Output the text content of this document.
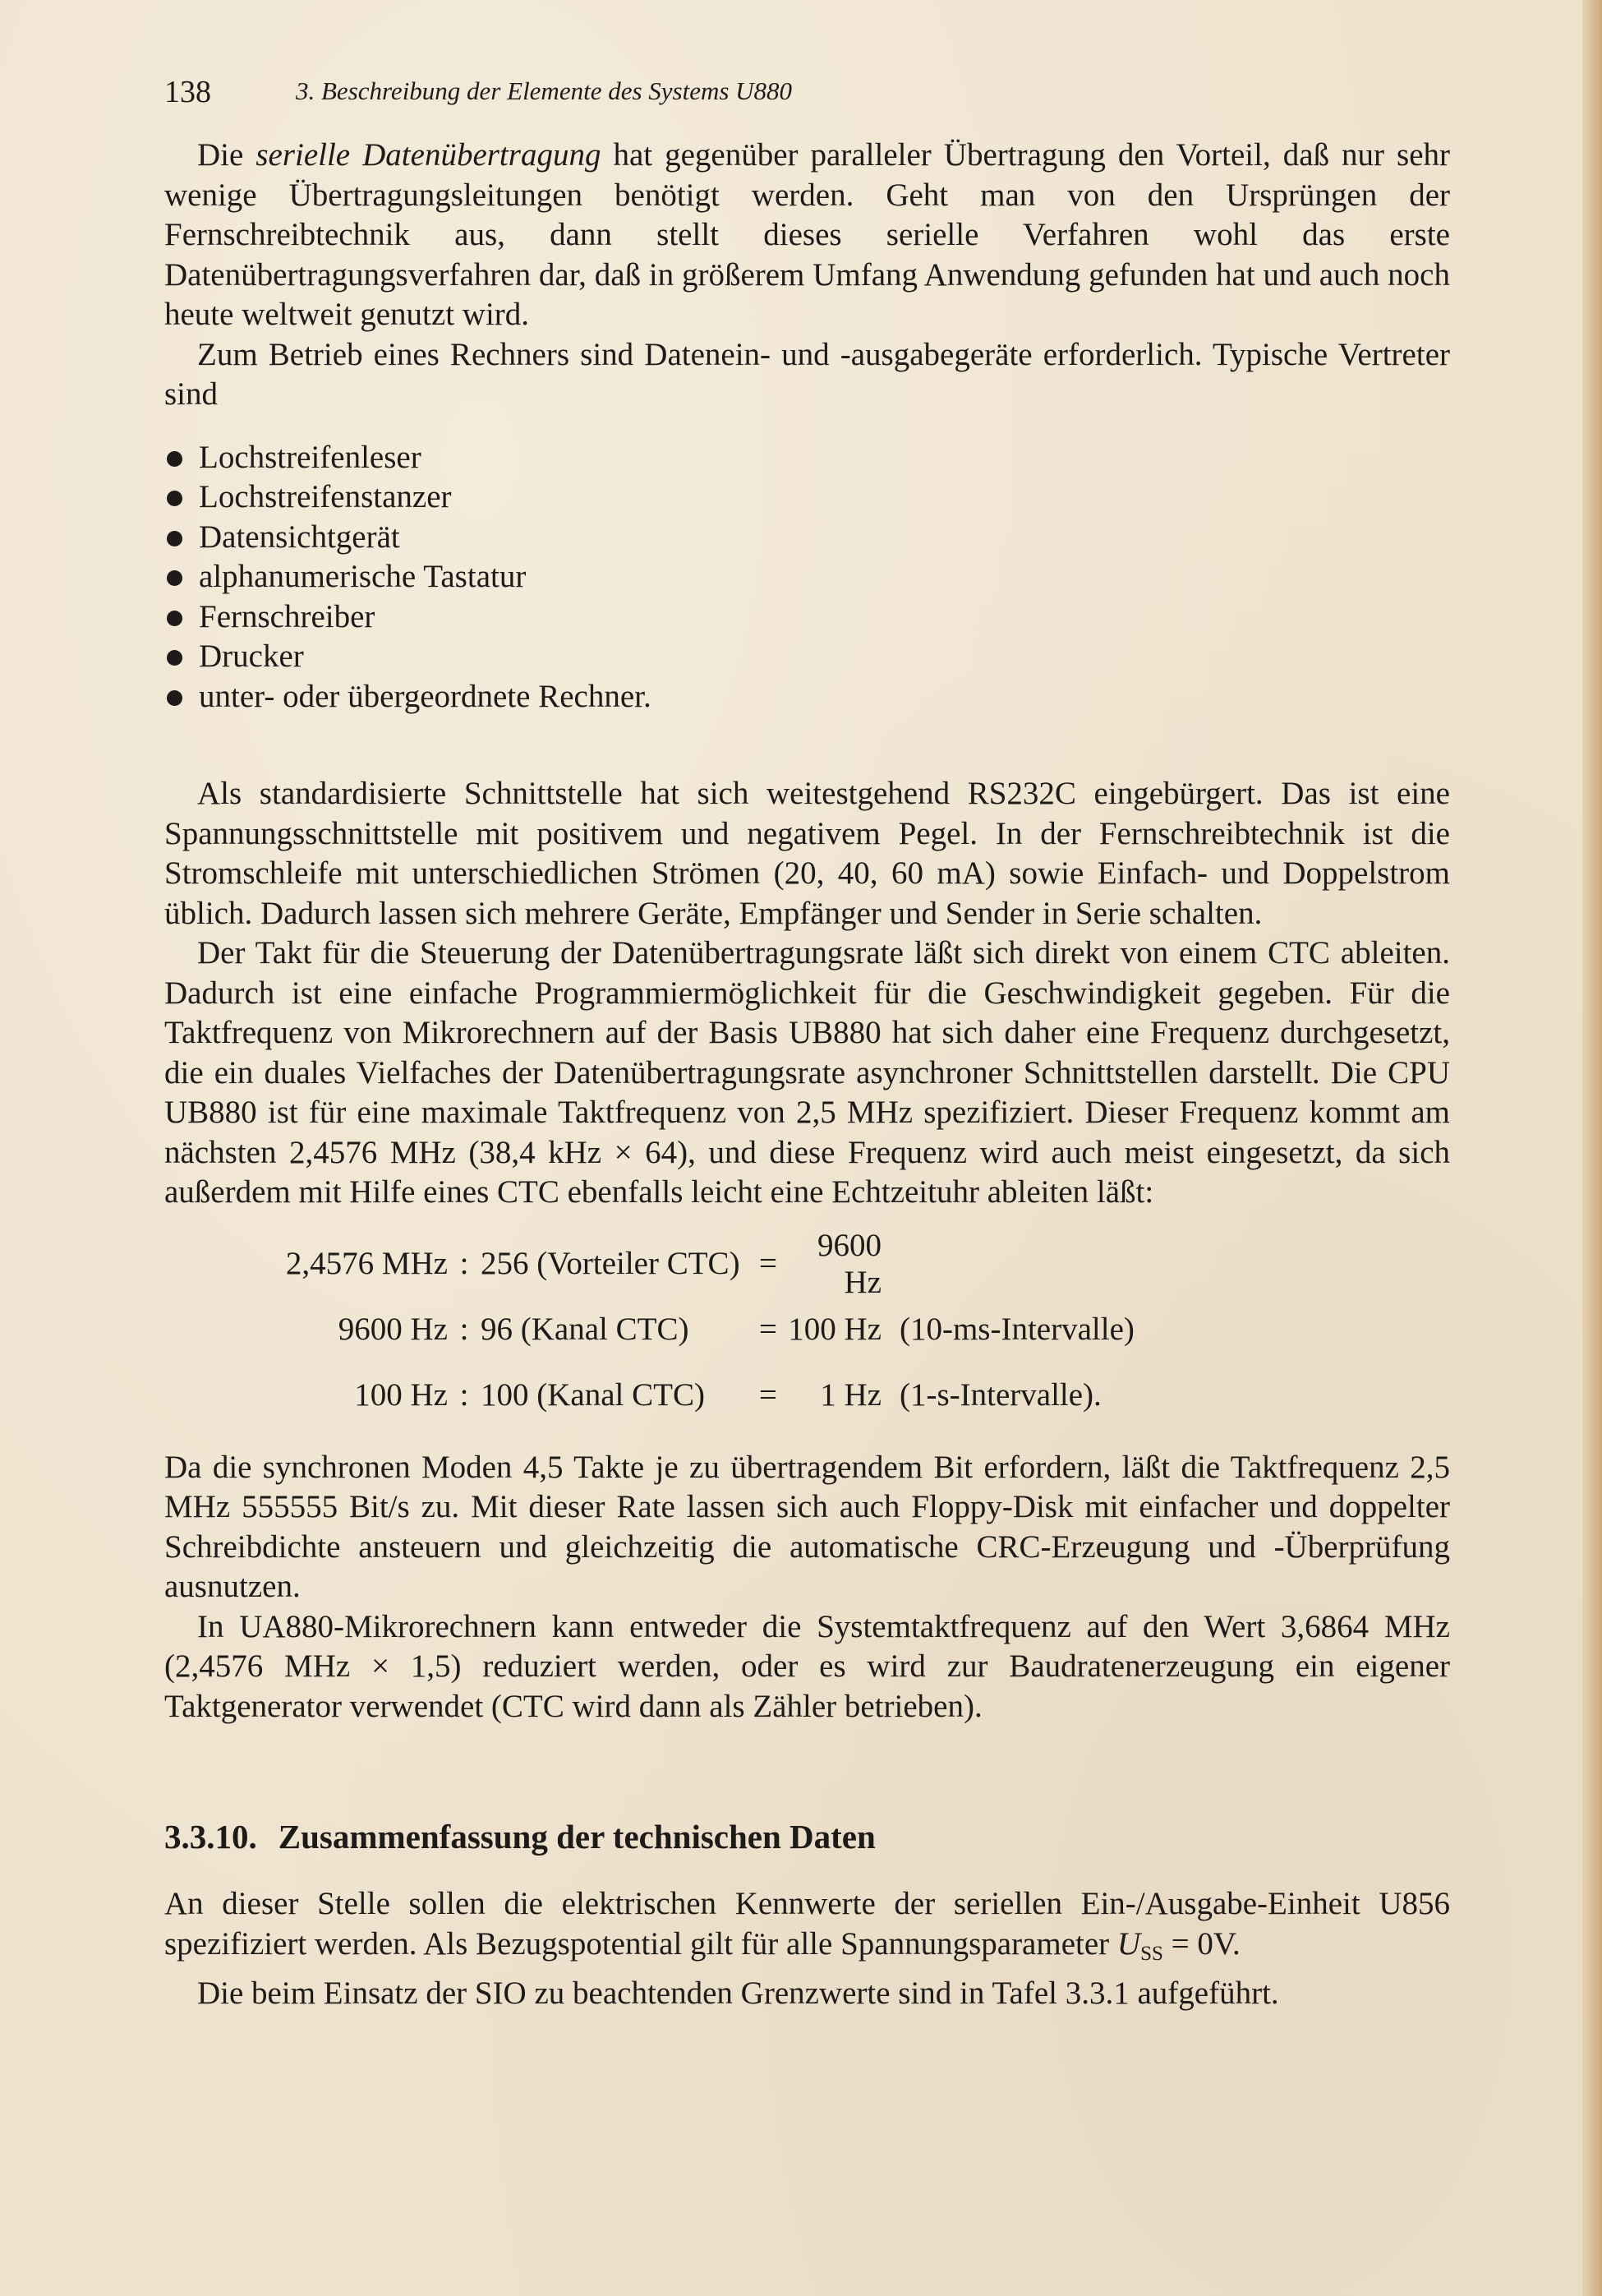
138	3. Beschreibung der Elemente des Systems U880

Die serielle Datenübertragung hat gegenüber paralleler Übertragung den Vorteil, daß nur sehr wenige Übertragungsleitungen benötigt werden. Geht man von den Ursprüngen der Fernschreibtechnik aus, dann stellt dieses serielle Verfahren wohl das erste Datenübertragungsverfahren dar, daß in größerem Umfang Anwendung gefunden hat und auch noch heute weltweit genutzt wird.

Zum Betrieb eines Rechners sind Datenein- und -ausgabegeräte erforderlich. Typische Vertreter sind

Lochstreifenleser
Lochstreifenstanzer
Datensichtgerät
alphanumerische Tastatur
Fernschreiber
Drucker
unter- oder übergeordnete Rechner.

Als standardisierte Schnittstelle hat sich weitestgehend RS232C eingebürgert. Das ist eine Spannungsschnittstelle mit positivem und negativem Pegel. In der Fernschreibtechnik ist die Stromschleife mit unterschiedlichen Strömen (20, 40, 60 mA) sowie Einfach- und Doppelstrom üblich. Dadurch lassen sich mehrere Geräte, Empfänger und Sender in Serie schalten.

Der Takt für die Steuerung der Datenübertragungsrate läßt sich direkt von einem CTC ableiten. Dadurch ist eine einfache Programmiermöglichkeit für die Geschwindigkeit gegeben. Für die Taktfrequenz von Mikrorechnern auf der Basis UB880 hat sich daher eine Frequenz durchgesetzt, die ein duales Vielfaches der Datenübertragungsrate asynchroner Schnittstellen darstellt. Die CPU UB880 ist für eine maximale Taktfrequenz von 2,5 MHz spezifiziert. Dieser Frequenz kommt am nächsten 2,4576 MHz (38,4 kHz × 64), und diese Frequenz wird auch meist eingesetzt, da sich außerdem mit Hilfe eines CTC ebenfalls leicht eine Echtzeituhr ableiten läßt:

2,4576 MHz : 256 (Vorteiler CTC) =
9600 Hz
9600 Hz : 96 (Kanal CTC)	= 100 Hz (10-ms-Intervalle)
100 Hz : 100 (Kanal CTC)	=	1 Hz (1-s-Intervalle).

Da die synchronen Moden 4,5 Takte je zu übertragendem Bit erfordern, läßt die Taktfrequenz 2,5 MHz 555555 Bit/s zu. Mit dieser Rate lassen sich auch Floppy-Disk mit einfacher und doppelter Schreibdichte ansteuern und gleichzeitig die automatische CRC-Erzeugung und -Überprüfung ausnutzen.

In UA880-Mikrorechnern kann entweder die Systemtaktfrequenz auf den Wert 3,6864 MHz (2,4576 MHz × 1,5) reduziert werden, oder es wird zur Baudratenerzeugung ein eigener Taktgenerator verwendet (CTC wird dann als Zähler betrieben).

3.3.10. Zusammenfassung der technischen Daten

An dieser Stelle sollen die elektrischen Kennwerte der seriellen Ein-/Ausgabe-Einheit U856 spezifiziert werden. Als Bezugspotential gilt für alle Spannungsparameter $U_{SS} = 0V$.

Die beim Einsatz der SIO zu beachtenden Grenzwerte sind in Tafel 3.3.1 aufgeführt.
